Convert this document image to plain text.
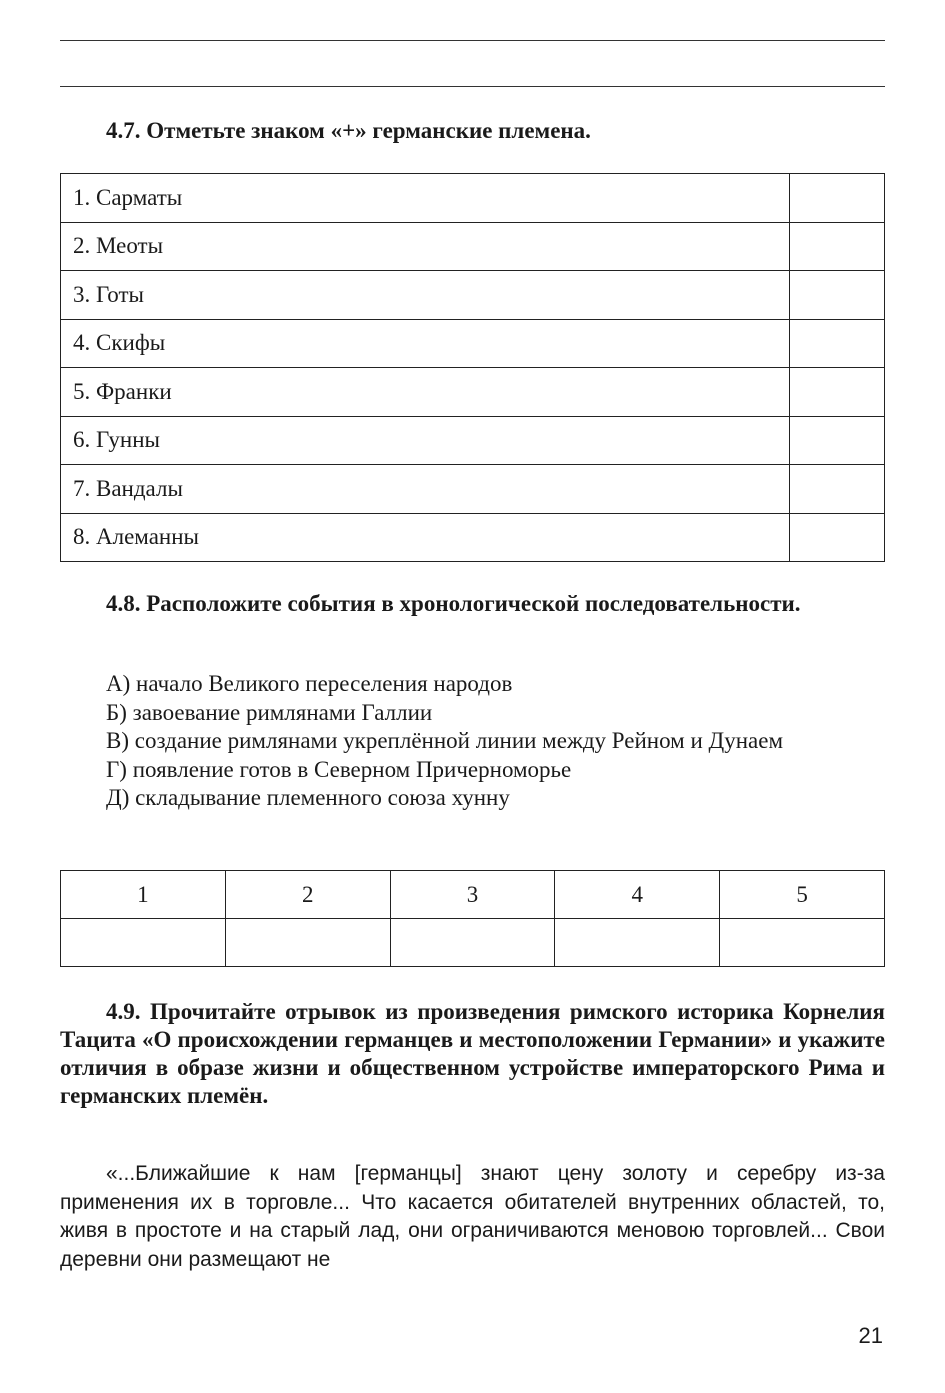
4.7. Отметьте знаком «+» германские племена.
1. Сарматы	
2. Меоты	
3. Готы	
4. Скифы	
5. Франки	
6. Гунны	
7. Вандалы	
8. Алеманны	
4.8. Расположите события в хронологической последовательности.
А) начало Великого переселения народов
Б) завоевание римлянами Галлии
В) создание римлянами укреплённой линии между Рейном и Дунаем
Г) появление готов в Северном Причерноморье
Д) складывание племенного союза хунну
1	2	3	4	5

4.9. Прочитайте отрывок из произведения римского историка Корнелия Тацита «О происхождении германцев и местоположении Германии» и укажите отличия в образе жизни и общественном устройстве императорского Рима и германских племён.

«...Ближайшие к нам [германцы] знают цену золоту и серебру из-за применения их в торговле... Что касается обитателей внутренних областей, то, живя в простоте и на старый лад, они ограничиваются меновою торговлей... Свои деревни они размещают не

21
